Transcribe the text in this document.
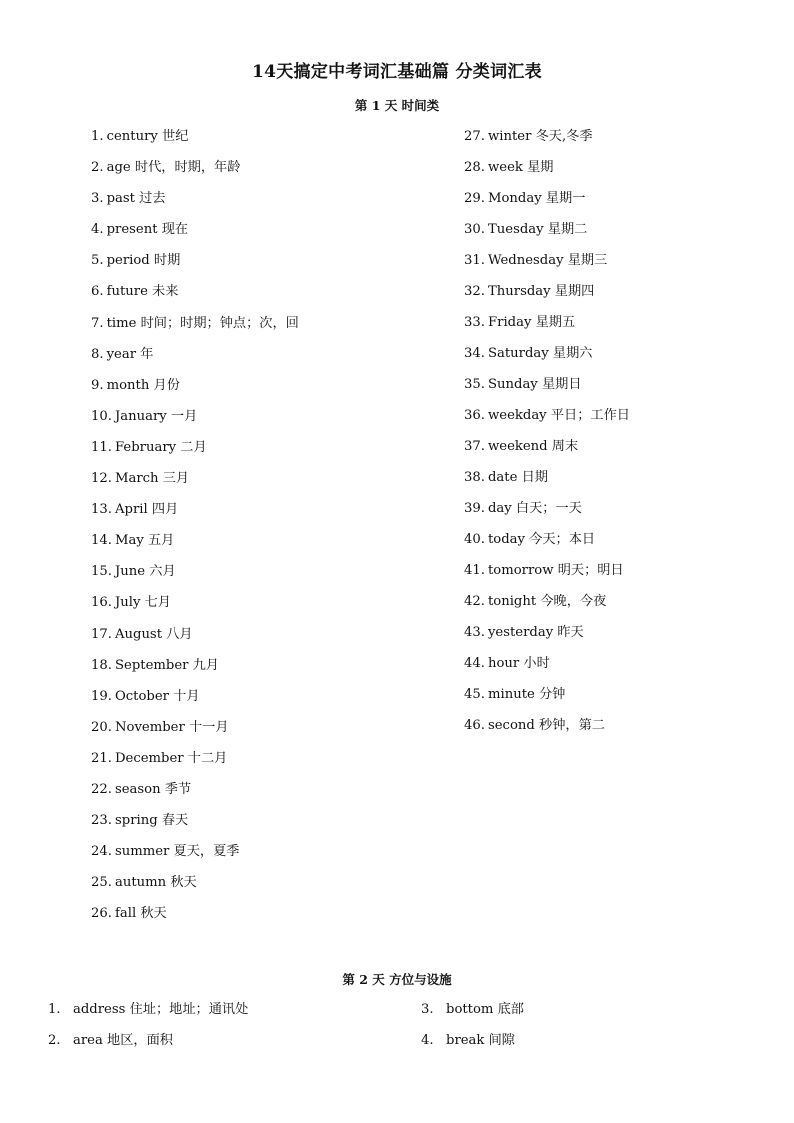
14天搞定中考词汇基础篇 分类词汇表
第 1 天 时间类
1. century 世纪
2. age 时代，时期，年龄
3. past 过去
4. present 现在
5. period 时期
6. future 未来
7. time 时间；时期；钟点；次，回
8. year 年
9. month 月份
10. January 一月
11. February 二月
12. March 三月
13. April 四月
14. May 五月
15. June 六月
16. July 七月
17. August 八月
18. September 九月
19. October 十月
20. November 十一月
21. December 十二月
22. season 季节
23. spring 春天
24. summer 夏天，夏季
25. autumn 秋天
26. fall 秋天
27. winter 冬天,冬季
28. week 星期
29. Monday 星期一
30. Tuesday 星期二
31. Wednesday 星期三
32. Thursday 星期四
33. Friday 星期五
34. Saturday 星期六
35. Sunday 星期日
36. weekday 平日；工作日
37. weekend 周末
38. date 日期
39. day 白天；一天
40. today 今天；本日
41. tomorrow 明天；明日
42. tonight 今晚，今夜
43. yesterday 昨天
44. hour 小时
45. minute 分钟
46. second 秒钟，第二
第 2 天 方位与设施
1. address 住址；地址；通讯处
2. area 地区，面积
3. bottom 底部
4. break 间隙
